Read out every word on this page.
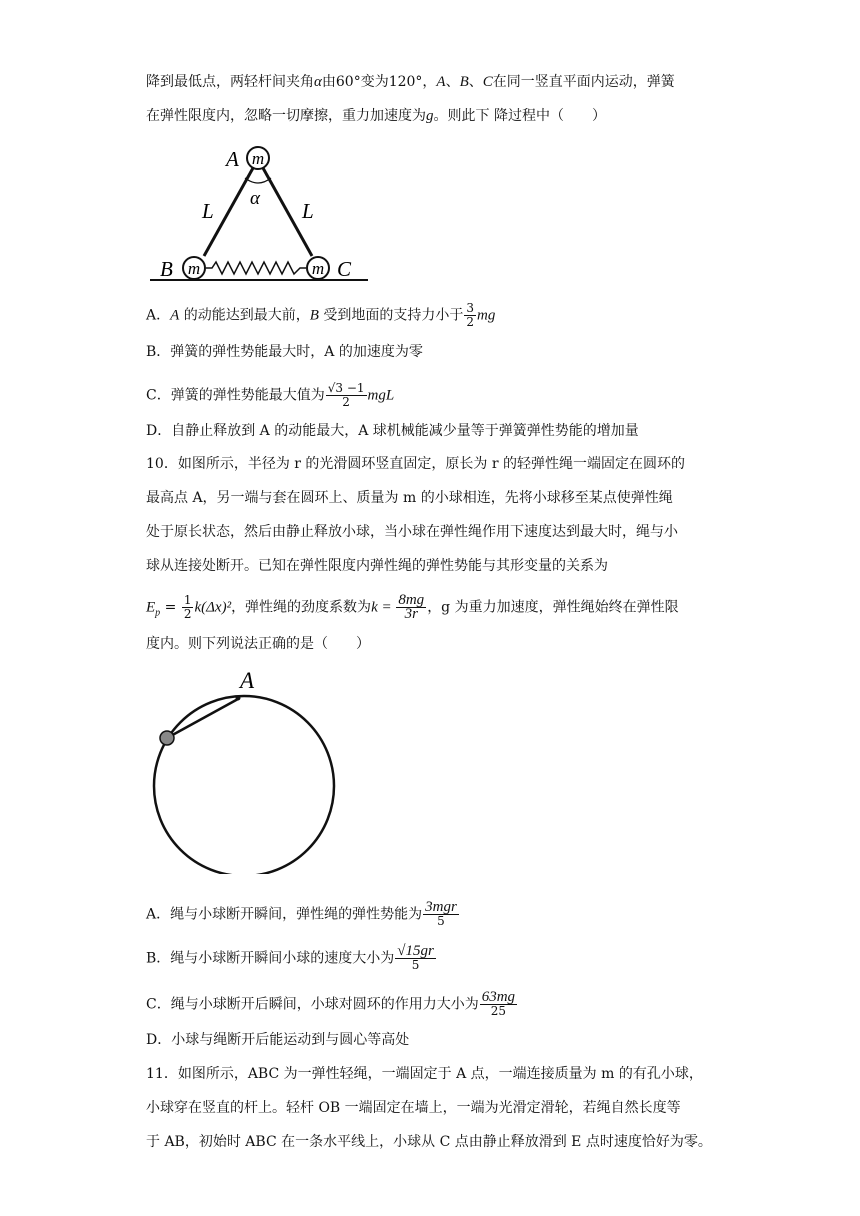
降到最低点，两轻杆间夹角α由60°变为120°，A、B、C在同一竖直平面内运动，弹簧
在弹性限度内，忽略一切摩擦，重力加速度为g。则此下 降过程中（　　）
m
m	m
A
B	C
L	L
α
A．A 的动能达到最大前，B 受到地面的支持力小于 $\frac{3}{2}$ mg
B．弹簧的弹性势能最大时，A 的加速度为零
C．弹簧的弹性势能最大值为 $\frac{√3 -1}{2}$ mgL
D．自静止释放到 A 的动能最大，A 球机械能减少量等于弹簧弹性势能的增加量
10．如图所示，半径为 r 的光滑圆环竖直固定，原长为 r 的轻弹性绳一端固定在圆环的
最高点 A，另一端与套在圆环上、质量为 m 的小球相连，先将小球移至某点使弹性绳
处于原长状态，然后由静止释放小球，当小球在弹性绳作用下速度达到最大时，绳与小
球从连接处断开。已知在弹性限度内弹性绳的弹性势能与其形变量的关系为
$E_p = \frac{1}{2} k(\Delta x)^2$，弹性绳的劲度系数为$k = \frac{8mg}{3r}$ ，g 为重力加速度，弹性绳始终在弹性限
度内。则下列说法正确的是（　　）
A
A．绳与小球断开瞬间，弹性绳的弹性势能为 $\frac{\text{3mgr}}{5}$
B．绳与小球断开瞬间小球的速度大小为 $\frac{√15gr}{5}$
C．绳与小球断开后瞬间，小球对圆环的作用力大小为 $\frac{63mg}{25}$
D．小球与绳断开后能运动到与圆心等高处
11．如图所示，ABC 为一弹性轻绳，一端固定于 A 点，一端连接质量为 m 的有孔小球，
小球穿在竖直的杆上。轻杆 OB 一端固定在墙上，一端为光滑定滑轮，若绳自然长度等
于 AB，初始时 ABC 在一条水平线上，小球从 C 点由静止释放滑到 E 点时速度恰好为零。
